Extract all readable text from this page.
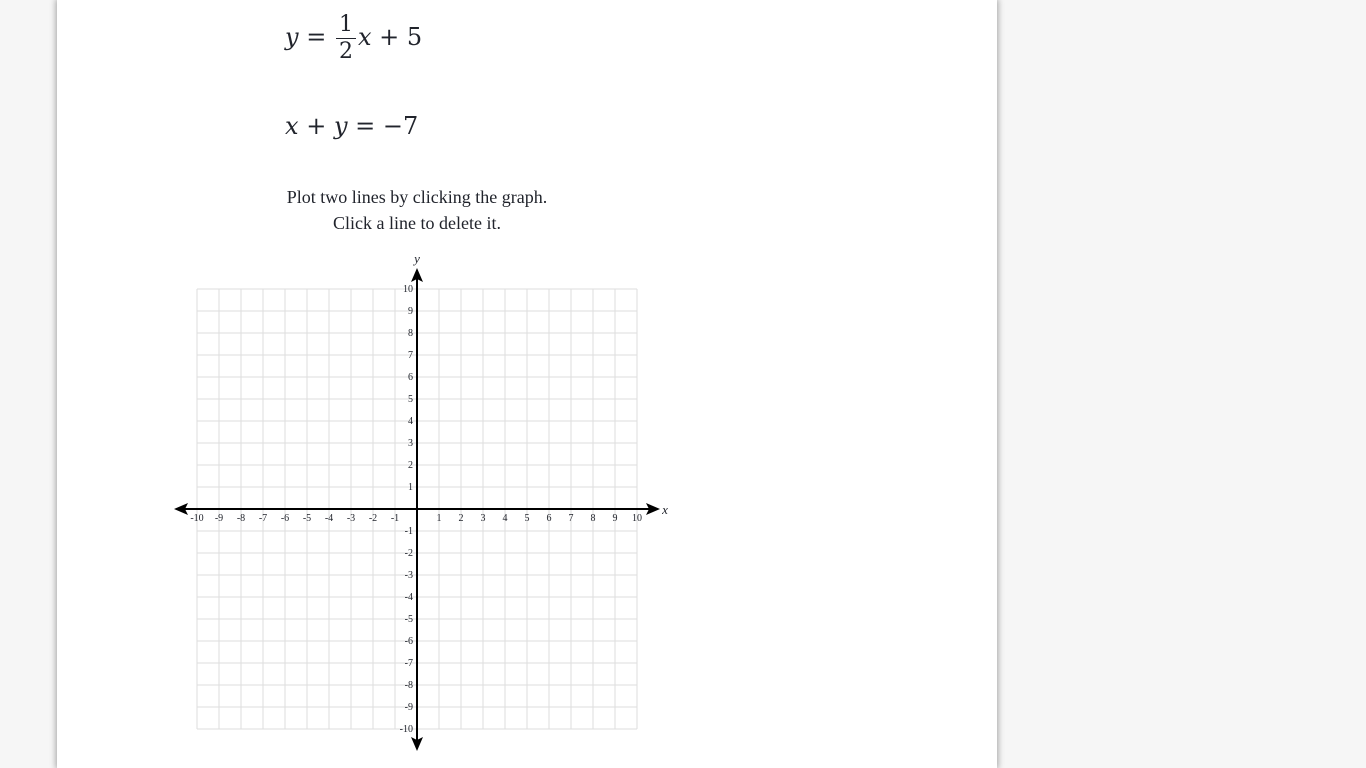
$y = \frac{1}{2}$ x + 5
x + y = −7
Plot two lines by clicking the graph.
Click a line to delete it.
x
y
-10 -9 -8 -7 -6 -5 -4 -3 -2 -1	1 2 3 4 5 6 7 8 9 10
10
9
8
7
6
5
4
3
2
1
-1
-2
-3
-4
-5
-6
-7
-8
-9
-10
